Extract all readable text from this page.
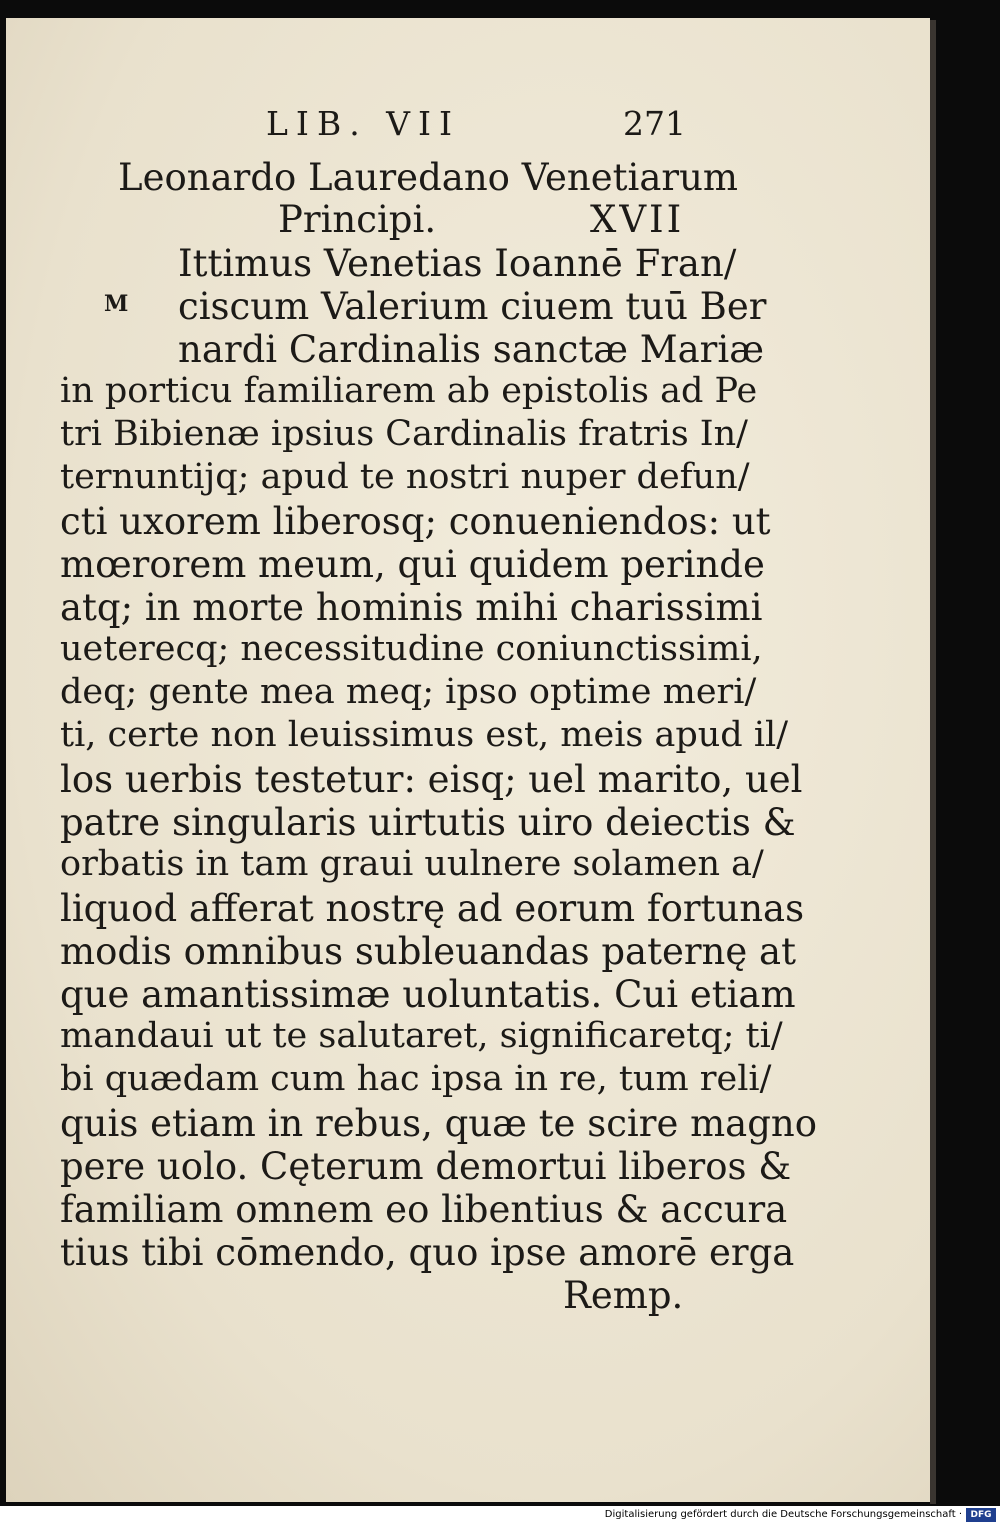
LIB. VII	271
Leonardo Lauredano Venetiarum
Principi.	XVII
M
Ittimus Venetias Ioannē Fran/
ciscum Valerium ciuem tuū Ber
nardi Cardinalis sanctæ Mariæ
in porticu familiarem ab epistolis ad Pe
tri Bibienæ ipsius Cardinalis fratris In/
ternuntijq; apud te nostri nuper defun/
cti uxorem liberosq; conueniendos: ut
mœrorem meum, qui quidem perinde
atq; in morte hominis mihi charissimi
ueterecq; necessitudine coniunctissimi,
deq; gente mea meq; ipso optime meri/
ti, certe non leuissimus est, meis apud il/
los uerbis testetur: eisq; uel marito, uel
patre singularis uirtutis uiro deiectis &
orbatis in tam graui uulnere solamen a/
liquod afferat nostrę ad eorum fortunas
modis omnibus subleuandas paternę at
que amantissimæ uoluntatis. Cui etiam
mandaui ut te salutaret, significaretq; ti/
bi quædam cum hac ipsa in re, tum reli/
quis etiam in rebus, quæ te scire magno
pere uolo. Cęterum demortui liberos &
familiam omnem eo libentius & accura
tius tibi cōmendo, quo ipse amorē erga
Remp.
Digitalisierung gefördert durch die Deutsche Forschungsgemeinschaft · DFG
